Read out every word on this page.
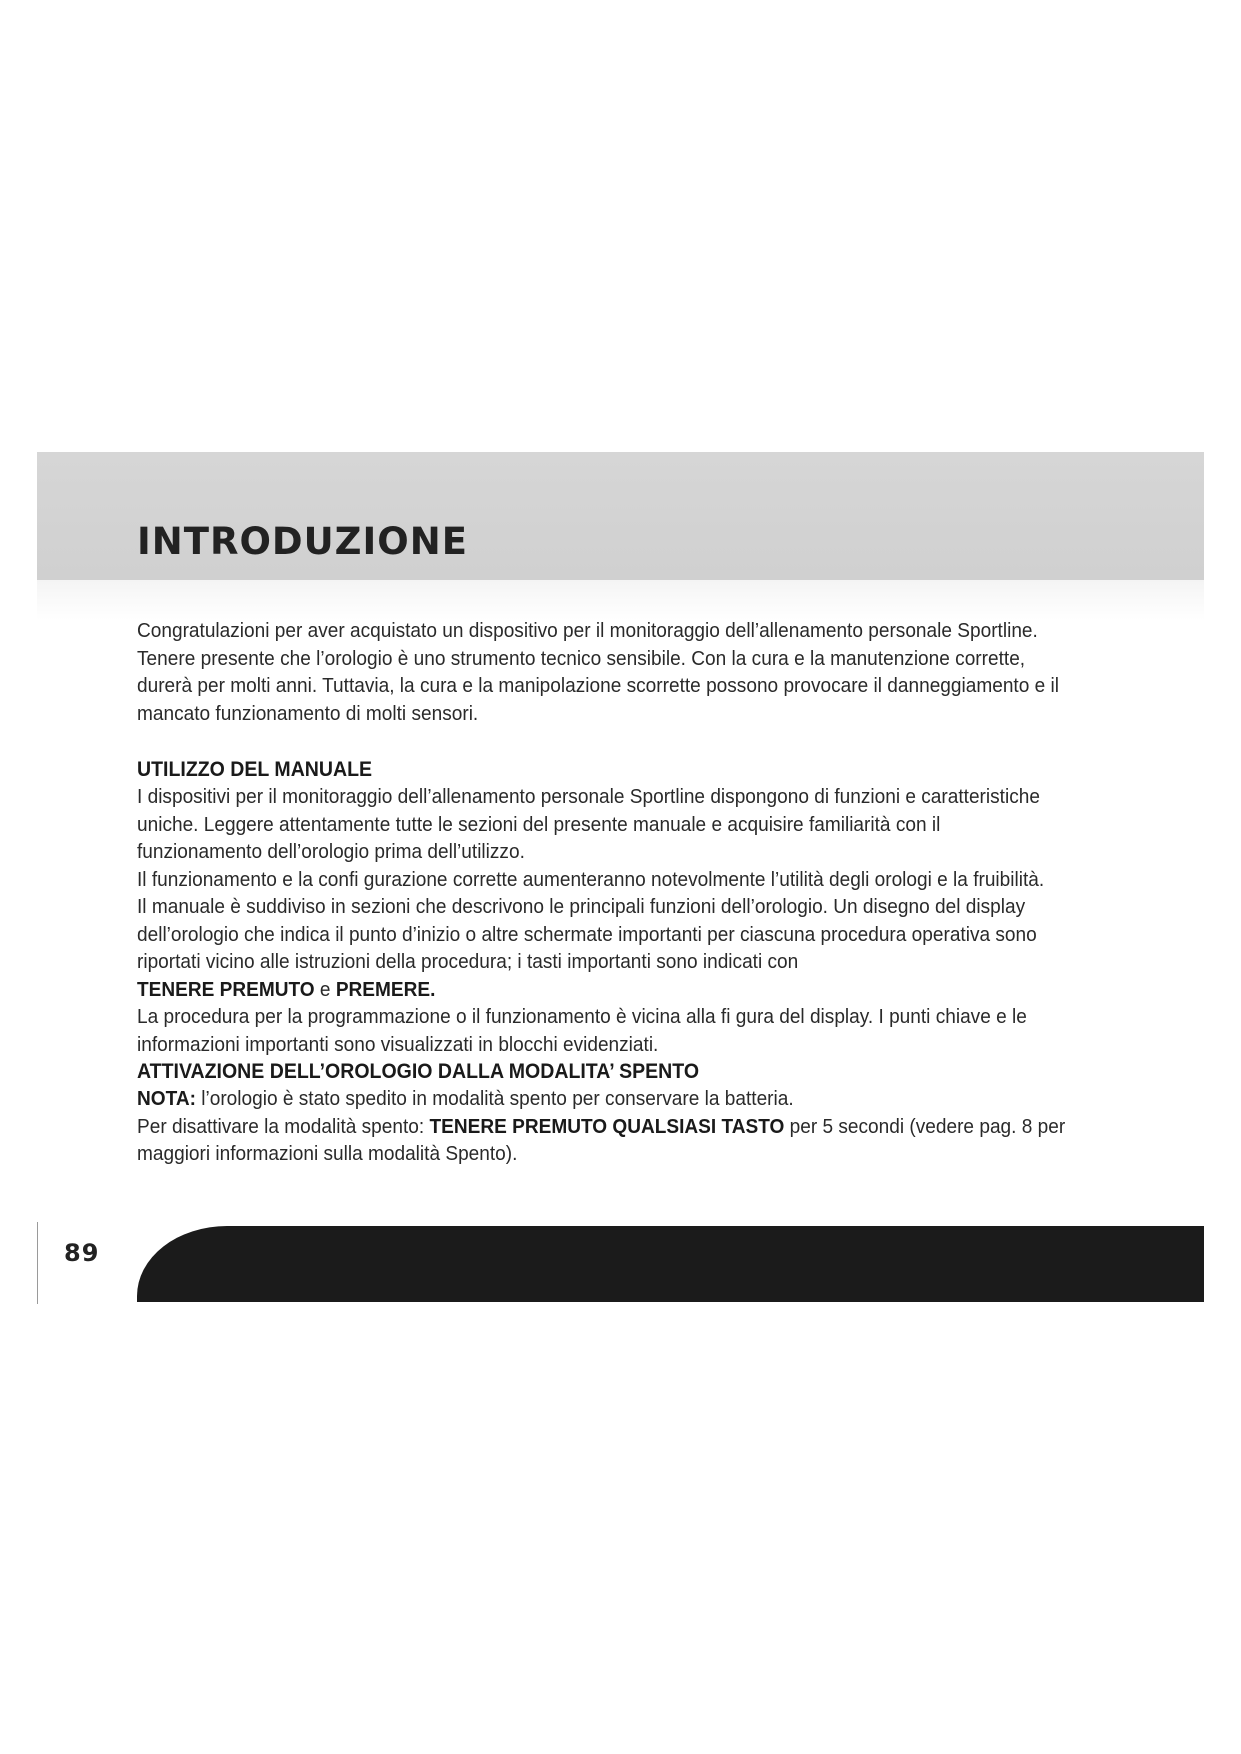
INTRODUZIONE

Congratulazioni per aver acquistato un dispositivo per il monitoraggio dell’allenamento personale Sportline. Tenere presente che l’orologio è uno strumento tecnico sensibile. Con la cura e la manutenzione corrette, durerà per molti anni. Tuttavia, la cura e la manipolazione scorrette possono provocare il danneggiamento e il mancato funzionamento di molti sensori.

UTILIZZO DEL MANUALE

I dispositivi per il monitoraggio dell’allenamento personale Sportline dispongono di funzioni e caratteristiche uniche. Leggere attentamente tutte le sezioni del presente manuale e acquisire familiarità con il funzionamento dell’orologio prima dell’utilizzo.

Il funzionamento e la confi gurazione corrette aumenteranno notevolmente l’utilità degli orologi e la fruibilità.

Il manuale è suddiviso in sezioni che descrivono le principali funzioni dell’orologio. Un disegno del display dell’orologio che indica il punto d’inizio o altre schermate importanti per ciascuna procedura operativa sono riportati vicino alle istruzioni della procedura; i tasti importanti sono indicati con
TENERE PREMUTO e PREMERE.

La procedura per la programmazione o il funzionamento è vicina alla fi gura del display. I punti chiave e le informazioni importanti sono visualizzati in blocchi evidenziati.

ATTIVAZIONE DELL’OROLOGIO DALLA MODALITA’ SPENTO

NOTA: l’orologio è stato spedito in modalità spento per conservare la batteria.

Per disattivare la modalità spento: TENERE PREMUTO QUALSIASI TASTO per 5 secondi (vedere pag. 8 per maggiori informazioni sulla modalità Spento).

89
